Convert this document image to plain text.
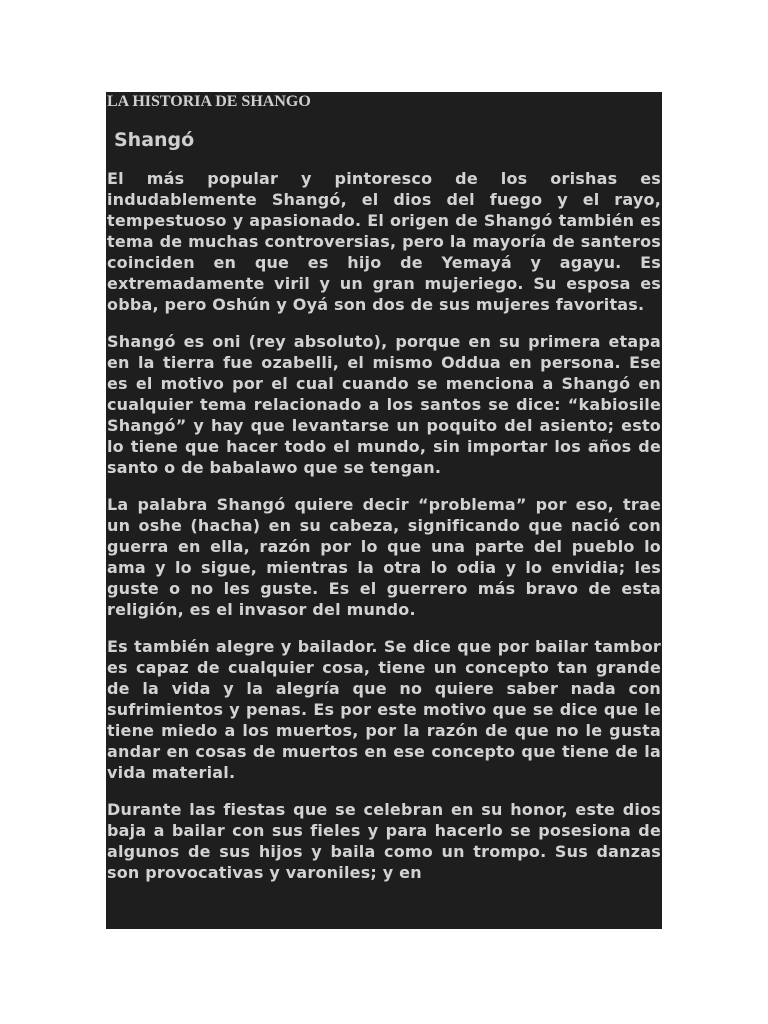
LA HISTORIA DE SHANGO
Shangó

El más popular y pintoresco de los orishas es indudablemente Shangó, el dios del fuego y el rayo, tempestuoso y apasionado. El origen de Shangó también es tema de muchas controversias, pero la mayoría de santeros coinciden en que es hijo de Yemayá y agayu. Es extremadamente viril y un gran mujeriego. Su esposa es obba, pero Oshún y Oyá son dos de sus mujeres favoritas.

Shangó es oni (rey absoluto), porque en su primera etapa en la tierra fue ozabelli, el mismo Oddua en persona. Ese es el motivo por el cual cuando se menciona a Shangó en cualquier tema relacionado a los santos se dice: “kabiosile Shangó” y hay que levantarse un poquito del asiento; esto lo tiene que hacer todo el mundo, sin importar los años de santo o de babalawo que se tengan.

La palabra Shangó quiere decir “problema” por eso, trae un oshe (hacha) en su cabeza, significando que nació con guerra en ella, razón por lo que una parte del pueblo lo ama y lo sigue, mientras la otra lo odia y lo envidia; les guste o no les guste. Es el guerrero más bravo de esta religión, es el invasor del mundo.

Es también alegre y bailador. Se dice que por bailar tambor es capaz de cualquier cosa, tiene un concepto tan grande de la vida y la alegría que no quiere saber nada con sufrimientos y penas. Es por este motivo que se dice que le tiene miedo a los muertos, por la razón de que no le gusta andar en cosas de muertos en ese concepto que tiene de la vida material.

Durante las fiestas que se celebran en su honor, este dios baja a bailar con sus fieles y para hacerlo se posesiona de algunos de sus hijos y baila como un trompo. Sus danzas son provocativas y varoniles; y en
